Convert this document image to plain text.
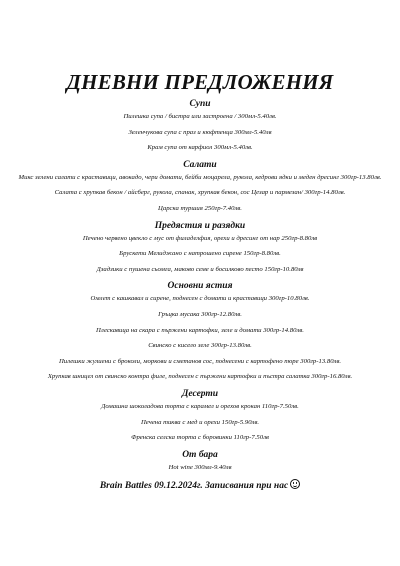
ДНЕВНИ ПРЕДЛОЖЕНИЯ
Супи
Пилешка супа / бистра или застроена / 300мл-5.40лв.
Зеленчукова супа с праз и кюфтенца 300мл-5.40лв
Крам супа от карфиол 300мл-5.40лв.
Салати
Микс зелени салати с краставици, авокадо, чери домати, бейби моцарела, рукола, кедрови ядки и меден дресинг 300гр-13.80лв.
Салата с хрупкав бекон / айсберг, рукола, спанак, хрупкав бекон, сос Цезар и пармезан/ 300гр-14.80лв.
Царска туршия 250гр-7.40лв.
Предястия и разядки
Печено червено цвекло с мус от филаделфия, орехи и дресинг от нар 250гр-8.80лв
Брускети Мелиджано с натрошено сирене 150гр-8.80лв.
Дзадзики с пушена сьомга, маково семе и босилково песто 150гр-10.80лв
Основни ястия
Омлет с кашкавал и сирене, поднесен с домати и краставици 300гр-10.80лв.
Гръцка мусака 300гр-12.80лв.
Плескавица на скара с пържени картофки, зеле и домати 300гр-14.80лв.
Свинско с кисело зеле 300гр-13.80лв.
Пилешки жулиени с броколи, моркови и сметанов сос, поднесени с картофено пюре 300гр-13.80лв.
Хрупкав шницел от свинско контра филе, поднесен с пържени картофки и пъстра салатка 300гр-16.80лв.
Десерти
Домашна шоколадова торта с карамел и орехов крокан 110гр-7.50лв.
Печена тиква с мед и орехи 150гр-5.90лв.
Френска селска торта с боровинки 110гр-7.50лв
От бара
Hot wine 300мл-9.40лв
Brain Battles 09.12.2024г. Записвания при нас
